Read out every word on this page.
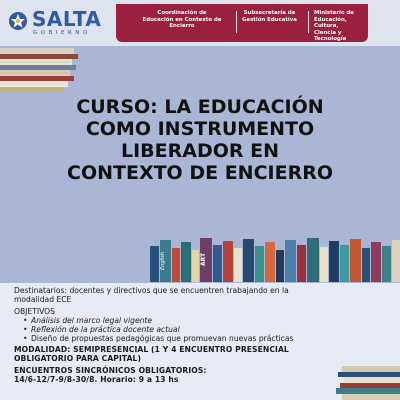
SALTA
GOBIERNO
Coordinación de
Educación en Contexto de Encierro
Subsecretaría de
Gestión Educativa
Ministerio de
Educación, Cultura,
Ciencia y Tecnología
CURSO: LA EDUCACIÓN
COMO INSTRUMENTO
LIBERADOR EN
CONTEXTO DE ENCIERRO
ART
English

Destinatarios: docentes y directivos que se encuentren trabajando en la

modalidad ECE

OBJETIVOS

• Análisis del marco legal vigente
• Reflexión de la práctica docente actual
• Diseño de propuestas pedagógicas que promuevan nuevas prácticas

MODALIDAD: SEMIPRESENCIAL (1 Y 4 ENCUENTRO PRESENCIAL

OBLIGATORIO PARA CAPITAL)

ENCUENTROS SINCRÓNICOS OBLIGATORIOS:

14/6-12/7-9/8-30/8. Horario: 9 a 13 hs
